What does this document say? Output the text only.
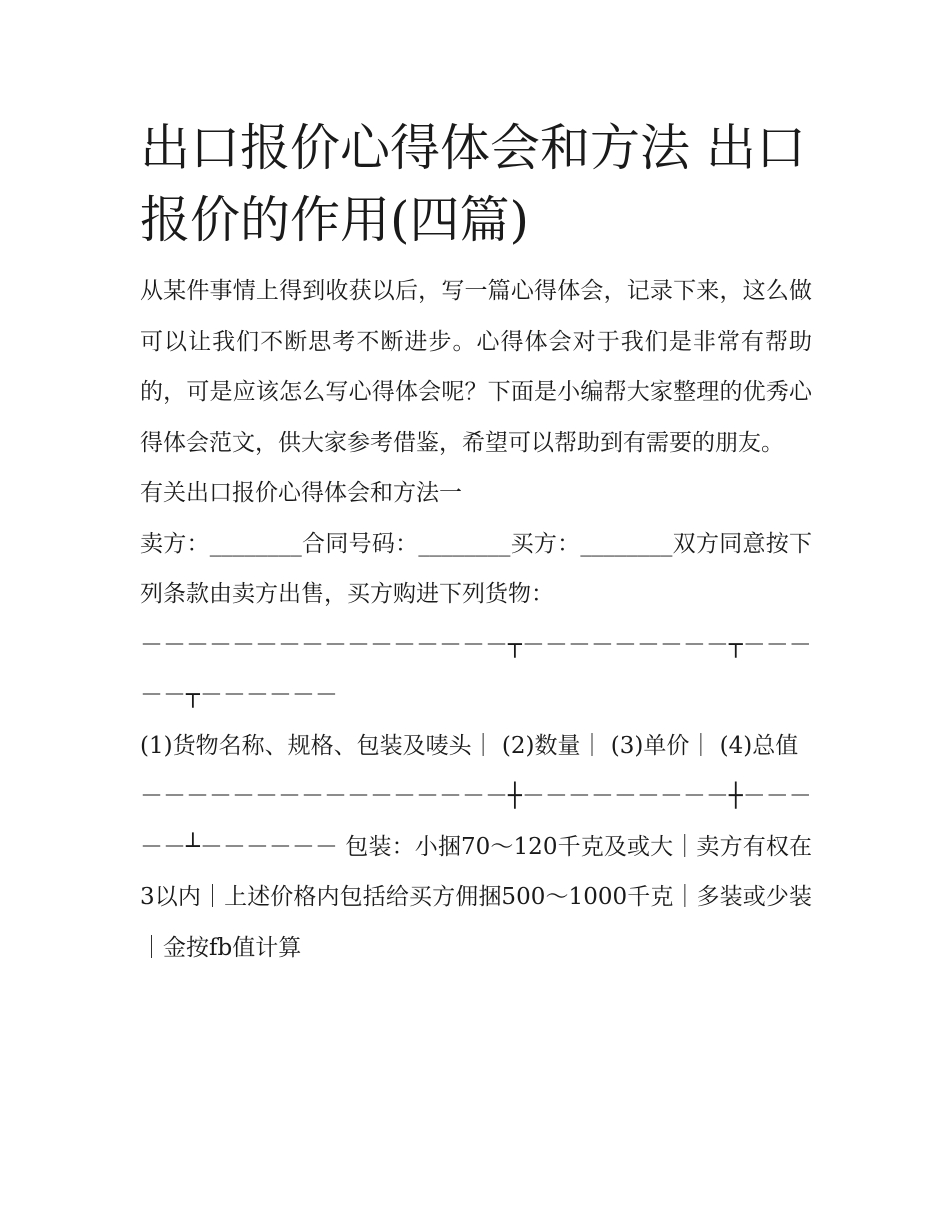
出口报价心得体会和方法 出口报价的作用(四篇)

从某件事情上得到收获以后，写一篇心得体会，记录下来，这么做可以让我们不断思考不断进步。心得体会对于我们是非常有帮助的，可是应该怎么写心得体会呢？下面是小编帮大家整理的优秀心得体会范文，供大家参考借鉴，希望可以帮助到有需要的朋友。

有关出口报价心得体会和方法一

卖方：________合同号码：________买方：________双方同意按下列条款由卖方出售，买方购进下列货物：

－－－－－－－－－－－－－－－－┬－－－－－－－－－┬－－－－－┬－－－－－－

(1)货物名称、规格、包装及唛头｜ (2)数量｜ (3)单价｜ (4)总值

－－－－－－－－－－－－－－－－┼－－－－－－－－－┼－－－－－┴－－－－－－ 包装：小捆70～120千克及或大｜卖方有权在3以内｜上述价格内包括给买方佣捆500～1000千克｜多装或少装｜金按fb值计算
